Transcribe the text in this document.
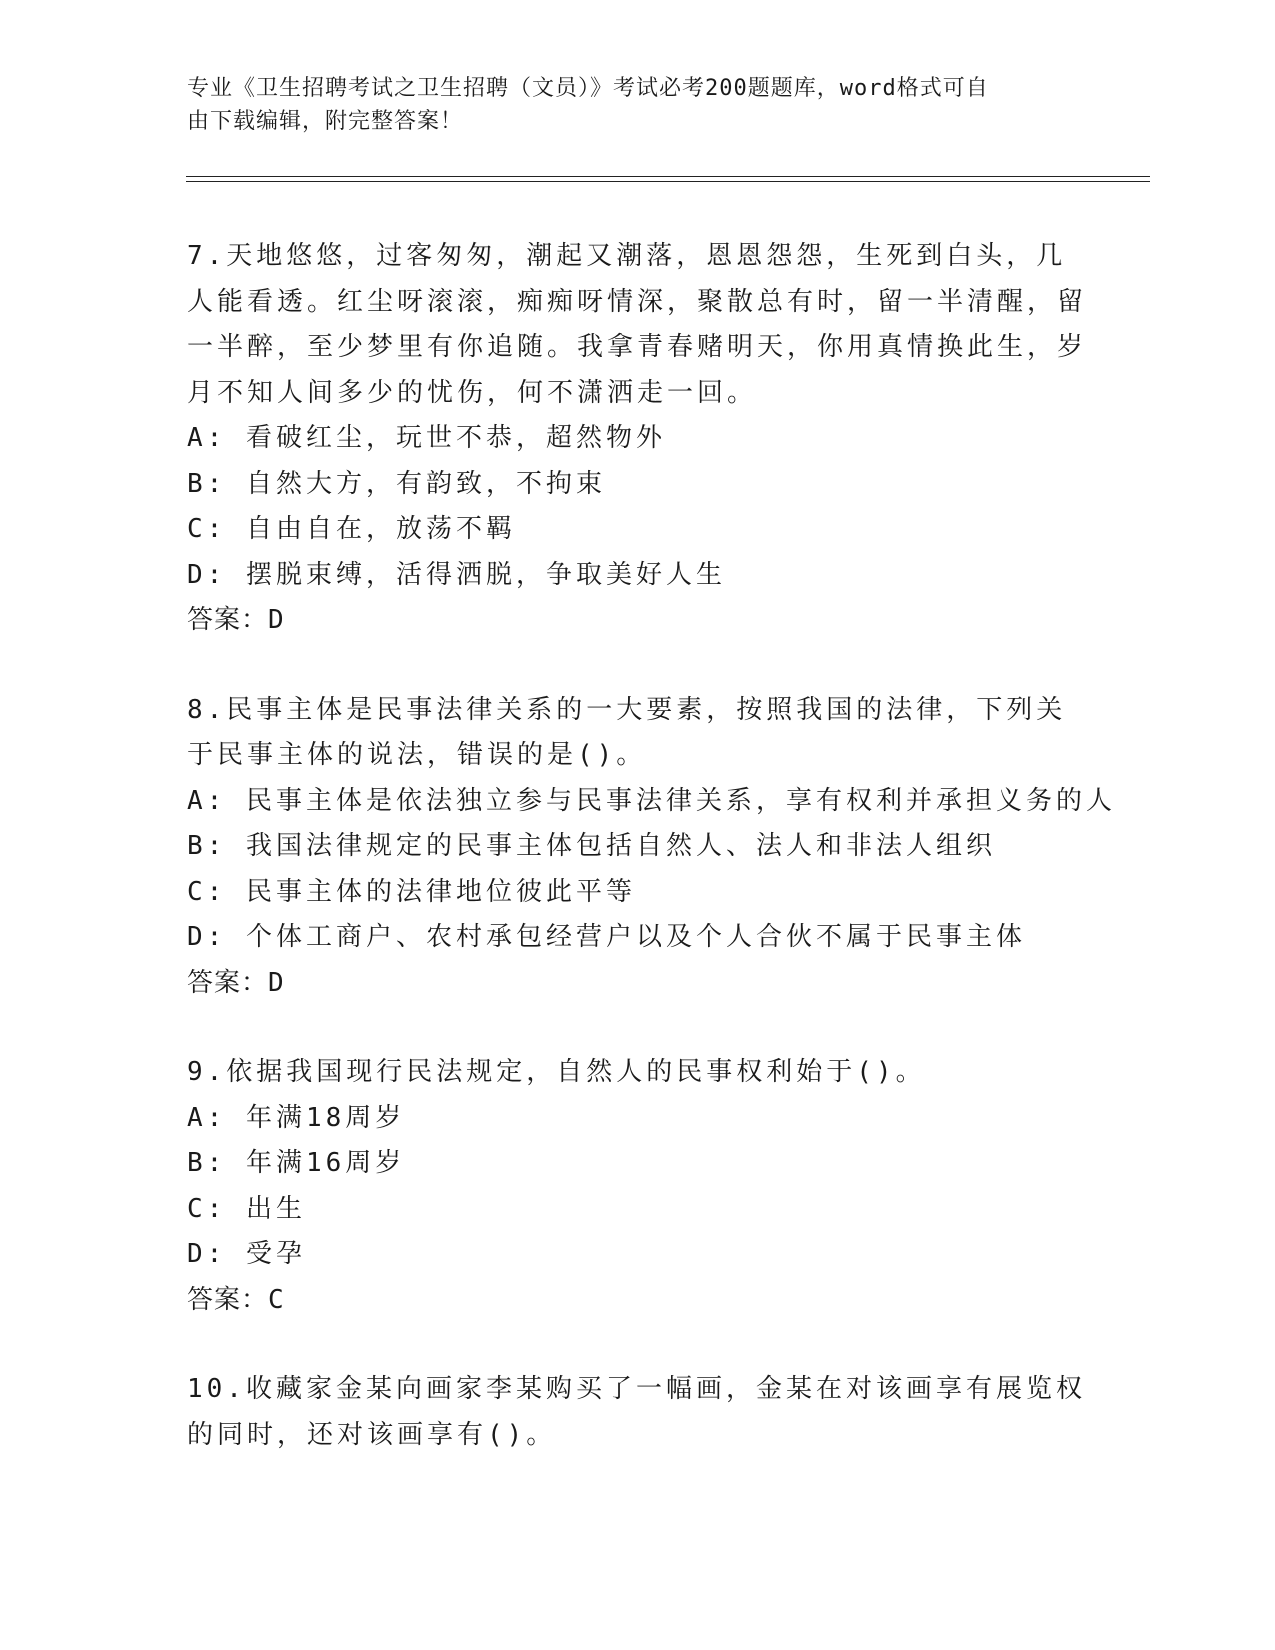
专业《卫生招聘考试之卫生招聘（文员）》考试必考200题题库，word格式可自
由下载编辑，附完整答案！
7.天地悠悠，过客匆匆，潮起又潮落，恩恩怨怨，生死到白头，几人能看透。红尘呀滚滚，痴痴呀情深，聚散总有时，留一半清醒，留一半醉，至少梦里有你追随。我拿青春赌明天，你用真情换此生，岁月不知人间多少的忧伤，何不潇洒走一回。
A: 看破红尘，玩世不恭，超然物外
B: 自然大方，有韵致，不拘束
C: 自由自在，放荡不羁
D: 摆脱束缚，活得洒脱，争取美好人生
答案：D
8.民事主体是民事法律关系的一大要素，按照我国的法律，下列关于民事主体的说法，错误的是()。
A: 民事主体是依法独立参与民事法律关系，享有权利并承担义务的人
B: 我国法律规定的民事主体包括自然人、法人和非法人组织
C: 民事主体的法律地位彼此平等
D: 个体工商户、农村承包经营户以及个人合伙不属于民事主体
答案：D
9.依据我国现行民法规定，自然人的民事权利始于()。
A: 年满18周岁
B: 年满16周岁
C: 出生
D: 受孕
答案：C
10.收藏家金某向画家李某购买了一幅画，金某在对该画享有展览权的同时，还对该画享有()。
